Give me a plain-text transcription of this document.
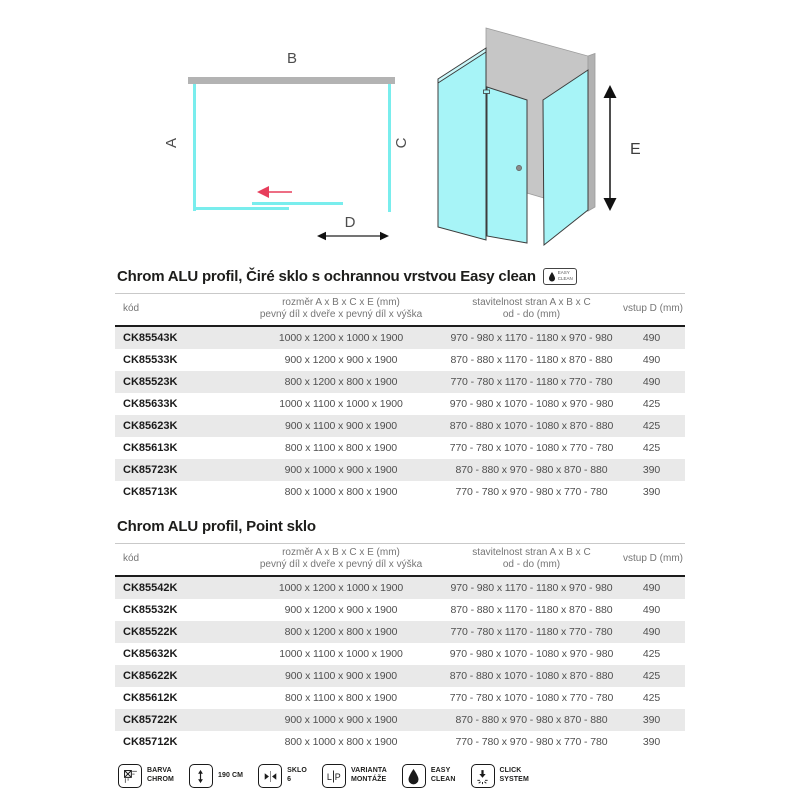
B
A	C
D
E
Chrom ALU profil, Čiré sklo s ochrannou vrstvou Easy clean	EASY
CLEAN
kód	
rozměr A x B x C x E (mm)
pevný díl x dveře x pevný díl x výška

stavitelnost stran A x B x C
od - do (mm)
	vstup D (mm)
CK85543K	1000 x 1200 x 1000 x 1900	970 - 980 x 1170 - 1180 x 970 - 980	490
CK85533K	900 x 1200 x 900 x 1900	870 - 880 x 1170 - 1180 x 870 - 880	490
CK85523K	800 x 1200 x 800 x 1900	770 - 780 x 1170 - 1180 x 770 - 780	490
CK85633K	1000 x 1100 x 1000 x 1900	970 - 980 x 1070 - 1080 x 970 - 980	425
CK85623K	900 x 1100 x 900 x 1900	870 - 880 x 1070 - 1080 x 870 - 880	425
CK85613K	800 x 1100 x 800 x 1900	770 - 780 x 1070 - 1080 x 770 - 780	425
CK85723K	900 x 1000 x 900 x 1900	870 - 880 x 970 - 980 x 870 - 880	390
CK85713K	800 x 1000 x 800 x 1900	770 - 780 x 970 - 980 x 770 - 780	390
Chrom ALU profil, Point sklo
kód	
rozměr A x B x C x E (mm)
pevný díl x dveře x pevný díl x výška

stavitelnost stran A x B x C
od - do (mm)
	vstup D (mm)
CK85542K	1000 x 1200 x 1000 x 1900	970 - 980 x 1170 - 1180 x 970 - 980	490
CK85532K	900 x 1200 x 900 x 1900	870 - 880 x 1170 - 1180 x 870 - 880	490
CK85522K	800 x 1200 x 800 x 1900	770 - 780 x 1170 - 1180 x 770 - 780	490
CK85632K	1000 x 1100 x 1000 x 1900	970 - 980 x 1070 - 1080 x 970 - 980	425
CK85622K	900 x 1100 x 900 x 1900	870 - 880 x 1070 - 1080 x 870 - 880	425
CK85612K	800 x 1100 x 800 x 1900	770 - 780 x 1070 - 1080 x 770 - 780	425
CK85722K	900 x 1000 x 900 x 1900	870 - 880 x 970 - 980 x 870 - 880	390
CK85712K	800 x 1000 x 800 x 1900	770 - 780 x 970 - 980 x 770 - 780	390
BARVA
CHROM
190 CM
SKLO
6	L P
VARIANTA
MONTÁŽE
EASY
CLEAN
CLICK
SYSTEM
